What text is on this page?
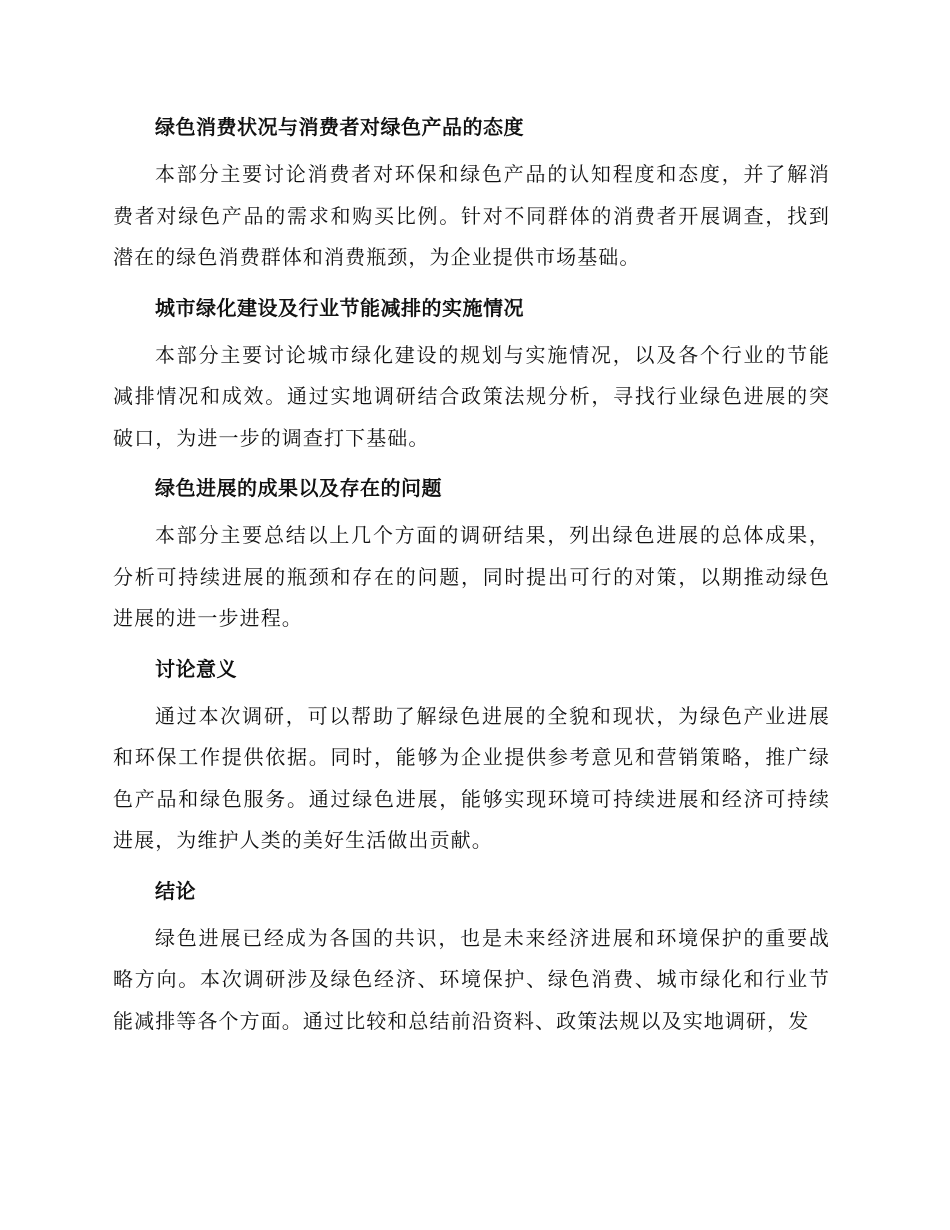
绿色消费状况与消费者对绿色产品的态度

本部分主要讨论消费者对环保和绿色产品的认知程度和态度，并了解消费者对绿色产品的需求和购买比例。针对不同群体的消费者开展调查，找到潜在的绿色消费群体和消费瓶颈，为企业提供市场基础。

城市绿化建设及行业节能减排的实施情况

本部分主要讨论城市绿化建设的规划与实施情况，以及各个行业的节能减排情况和成效。通过实地调研结合政策法规分析，寻找行业绿色进展的突破口，为进一步的调查打下基础。

绿色进展的成果以及存在的问题

本部分主要总结以上几个方面的调研结果，列出绿色进展的总体成果，分析可持续进展的瓶颈和存在的问题，同时提出可行的对策，以期推动绿色进展的进一步进程。

讨论意义

通过本次调研，可以帮助了解绿色进展的全貌和现状，为绿色产业进展和环保工作提供依据。同时，能够为企业提供参考意见和营销策略，推广绿色产品和绿色服务。通过绿色进展，能够实现环境可持续进展和经济可持续进展，为维护人类的美好生活做出贡献。

结论

绿色进展已经成为各国的共识，也是未来经济进展和环境保护的重要战略方向。本次调研涉及绿色经济、环境保护、绿色消费、城市绿化和行业节能减排等各个方面。通过比较和总结前沿资料、政策法规以及实地调研，发
